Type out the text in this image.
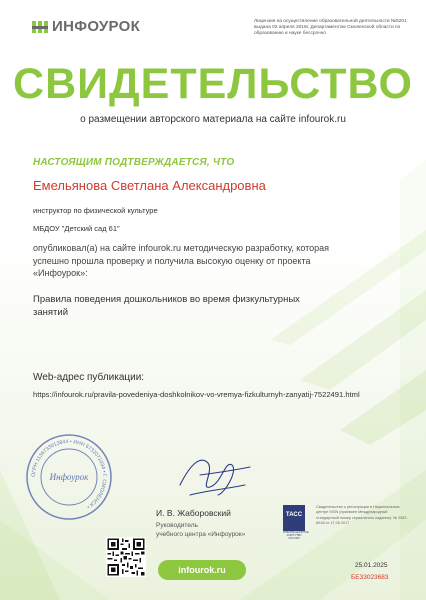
ИНФОУРОК	Лицензия на осуществление образовательной деятельности №5201 выдана 02 апреля 2018г. Департаментом Смоленской области по образованию и науке бессрочно
СВИДЕТЕЛЬСТВО
о размещении авторского материала на сайте infourok.ru
НАСТОЯЩИМ ПОДТВЕРЖДАЕТСЯ, ЧТО
Емельянова Светлана Александровна
инструктор по физической культуре
МБДОУ "Детский сад 61"
опубликовал(а) на сайте infourok.ru методическую разработку, которая успешно прошла проверку и получила высокую оценку от проекта «Инфоурок»:
Правила поведения дошкольников во время физкультурных занятий
Web-адрес публикации:
https://infourok.ru/pravila-povedeniya-doshkolnikov-vo-vremya-fizkulturnyh-zanyatij-7522491.html
ОГРН 1136733013844 • ИНН 6732071034 • Г. СМОЛЕНСК •
Инфоурок
И. В. Жаборовский
Руководитель
учебного центра «Инфоурок»
ТАСС
ИНФОРМАЦИОННОЕ АГЕНТСТВО РОССИИ
Свидетельство о регистрации в Национальном центре ISSN (присвоен Международный стандартный номер сериального издания): № 2587-8018 от 17.06.2017
infourok.ru	25.01.2025
БЕ33023683
